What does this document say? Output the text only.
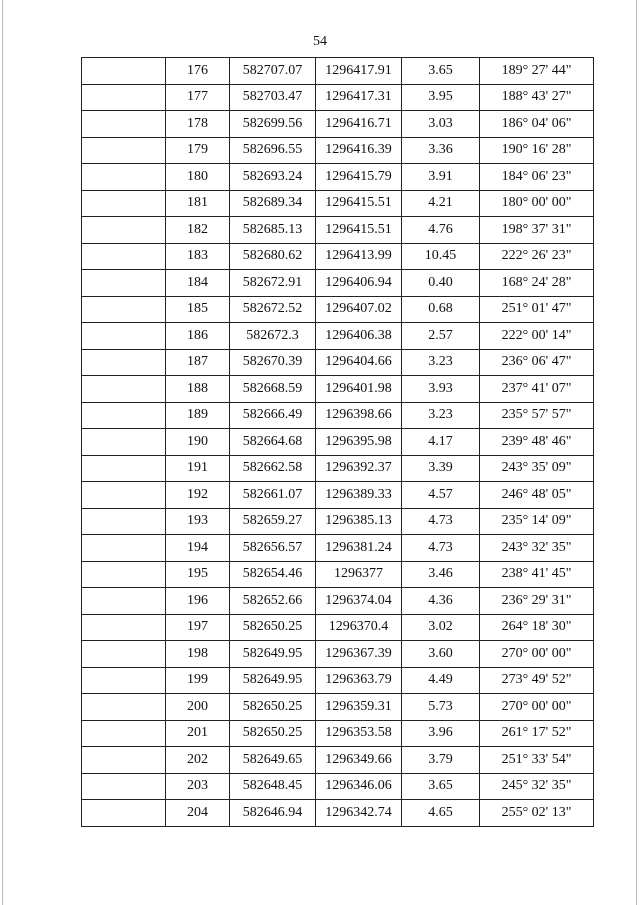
54
	176	582707.07	1296417.91	3.65	189° 27' 44"
	177	582703.47	1296417.31	3.95	188° 43' 27"
	178	582699.56	1296416.71	3.03	186° 04' 06"
	179	582696.55	1296416.39	3.36	190° 16' 28"
	180	582693.24	1296415.79	3.91	184° 06' 23"
	181	582689.34	1296415.51	4.21	180° 00' 00"
	182	582685.13	1296415.51	4.76	198° 37' 31"
	183	582680.62	1296413.99	10.45	222° 26' 23"
	184	582672.91	1296406.94	0.40	168° 24' 28"
	185	582672.52	1296407.02	0.68	251° 01' 47"
	186	582672.3	1296406.38	2.57	222° 00' 14"
	187	582670.39	1296404.66	3.23	236° 06' 47"
	188	582668.59	1296401.98	3.93	237° 41' 07"
	189	582666.49	1296398.66	3.23	235° 57' 57"
	190	582664.68	1296395.98	4.17	239° 48' 46"
	191	582662.58	1296392.37	3.39	243° 35' 09"
	192	582661.07	1296389.33	4.57	246° 48' 05"
	193	582659.27	1296385.13	4.73	235° 14' 09"
	194	582656.57	1296381.24	4.73	243° 32' 35"
	195	582654.46	1296377	3.46	238° 41' 45"
	196	582652.66	1296374.04	4.36	236° 29' 31"
	197	582650.25	1296370.4	3.02	264° 18' 30"
	198	582649.95	1296367.39	3.60	270° 00' 00"
	199	582649.95	1296363.79	4.49	273° 49' 52"
	200	582650.25	1296359.31	5.73	270° 00' 00"
	201	582650.25	1296353.58	3.96	261° 17' 52"
	202	582649.65	1296349.66	3.79	251° 33' 54"
	203	582648.45	1296346.06	3.65	245° 32' 35"
	204	582646.94	1296342.74	4.65	255° 02' 13"
